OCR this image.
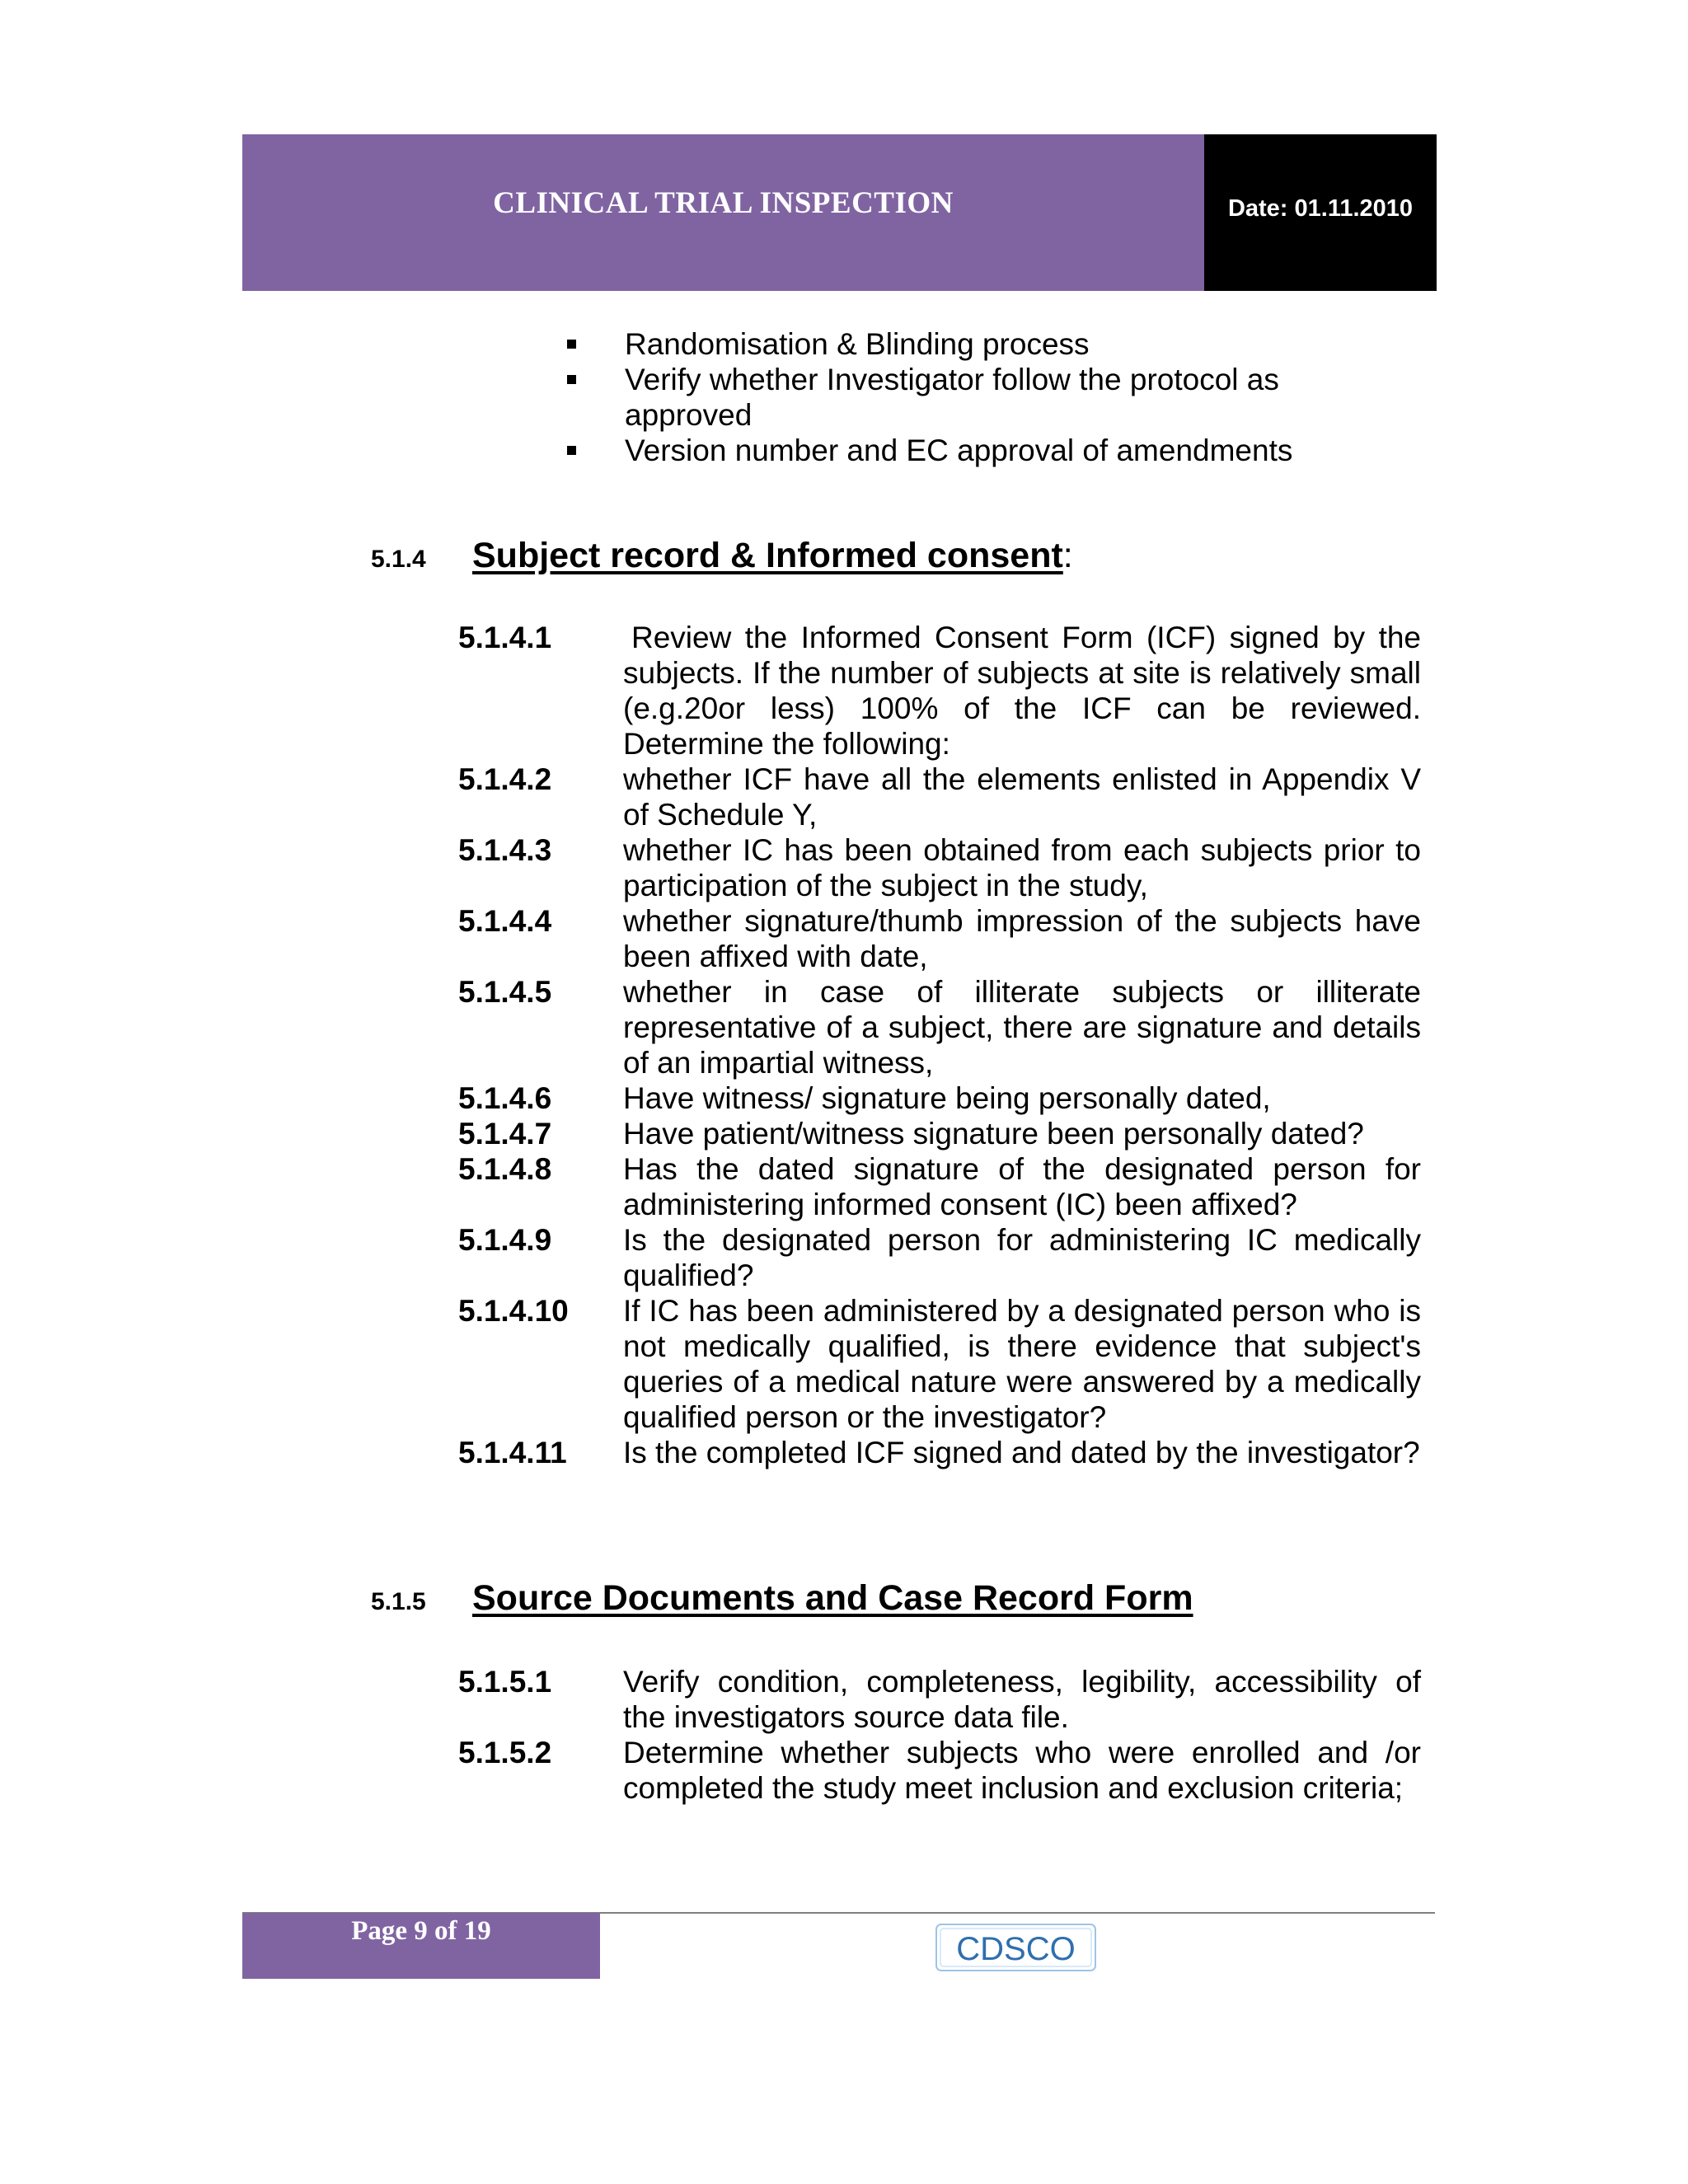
CLINICAL TRIAL INSPECTION	Date: 01.11.2010
Randomisation & Blinding process
Verify whether Investigator follow the protocol as
approved
Version number and EC approval of amendments
5.1.4	Subject record & Informed consent :
5.1.4.1	Review the Informed Consent Form (ICF) signed by the subjects. If the number of subjects at site is relatively small (e.g.20or less) 100% of the ICF can be reviewed. Determine the following:
5.1.4.2	whether ICF have all the elements enlisted in Appendix V of Schedule Y,
5.1.4.3	whether IC has been obtained from each subjects prior to participation of the subject in the study,
5.1.4.4	whether signature/thumb impression of the subjects have been affixed with date,
5.1.4.5	whether in case of illiterate subjects or illiterate representative of a subject, there are signature and details of an impartial witness,
5.1.4.6	Have witness/ signature being personally dated,
5.1.4.7	Have patient/witness signature been personally dated?
5.1.4.8	Has the dated signature of the designated person for administering informed consent (IC) been affixed?
5.1.4.9	Is the designated person for administering IC medically qualified?
5.1.4.10	If IC has been administered by a designated person who is not medically qualified, is there evidence that subject's queries of a medical nature were answered by a medically qualified person or the investigator?
5.1.4.11	Is the completed ICF signed and dated by the investigator?
5.1.5	Source Documents and Case Record Form
5.1.5.1	Verify condition, completeness, legibility, accessibility of the investigators source data file.
5.1.5.2	Determine whether subjects who were enrolled and /or completed the study meet inclusion and exclusion criteria;
Page 9 of 19	CDSCO
